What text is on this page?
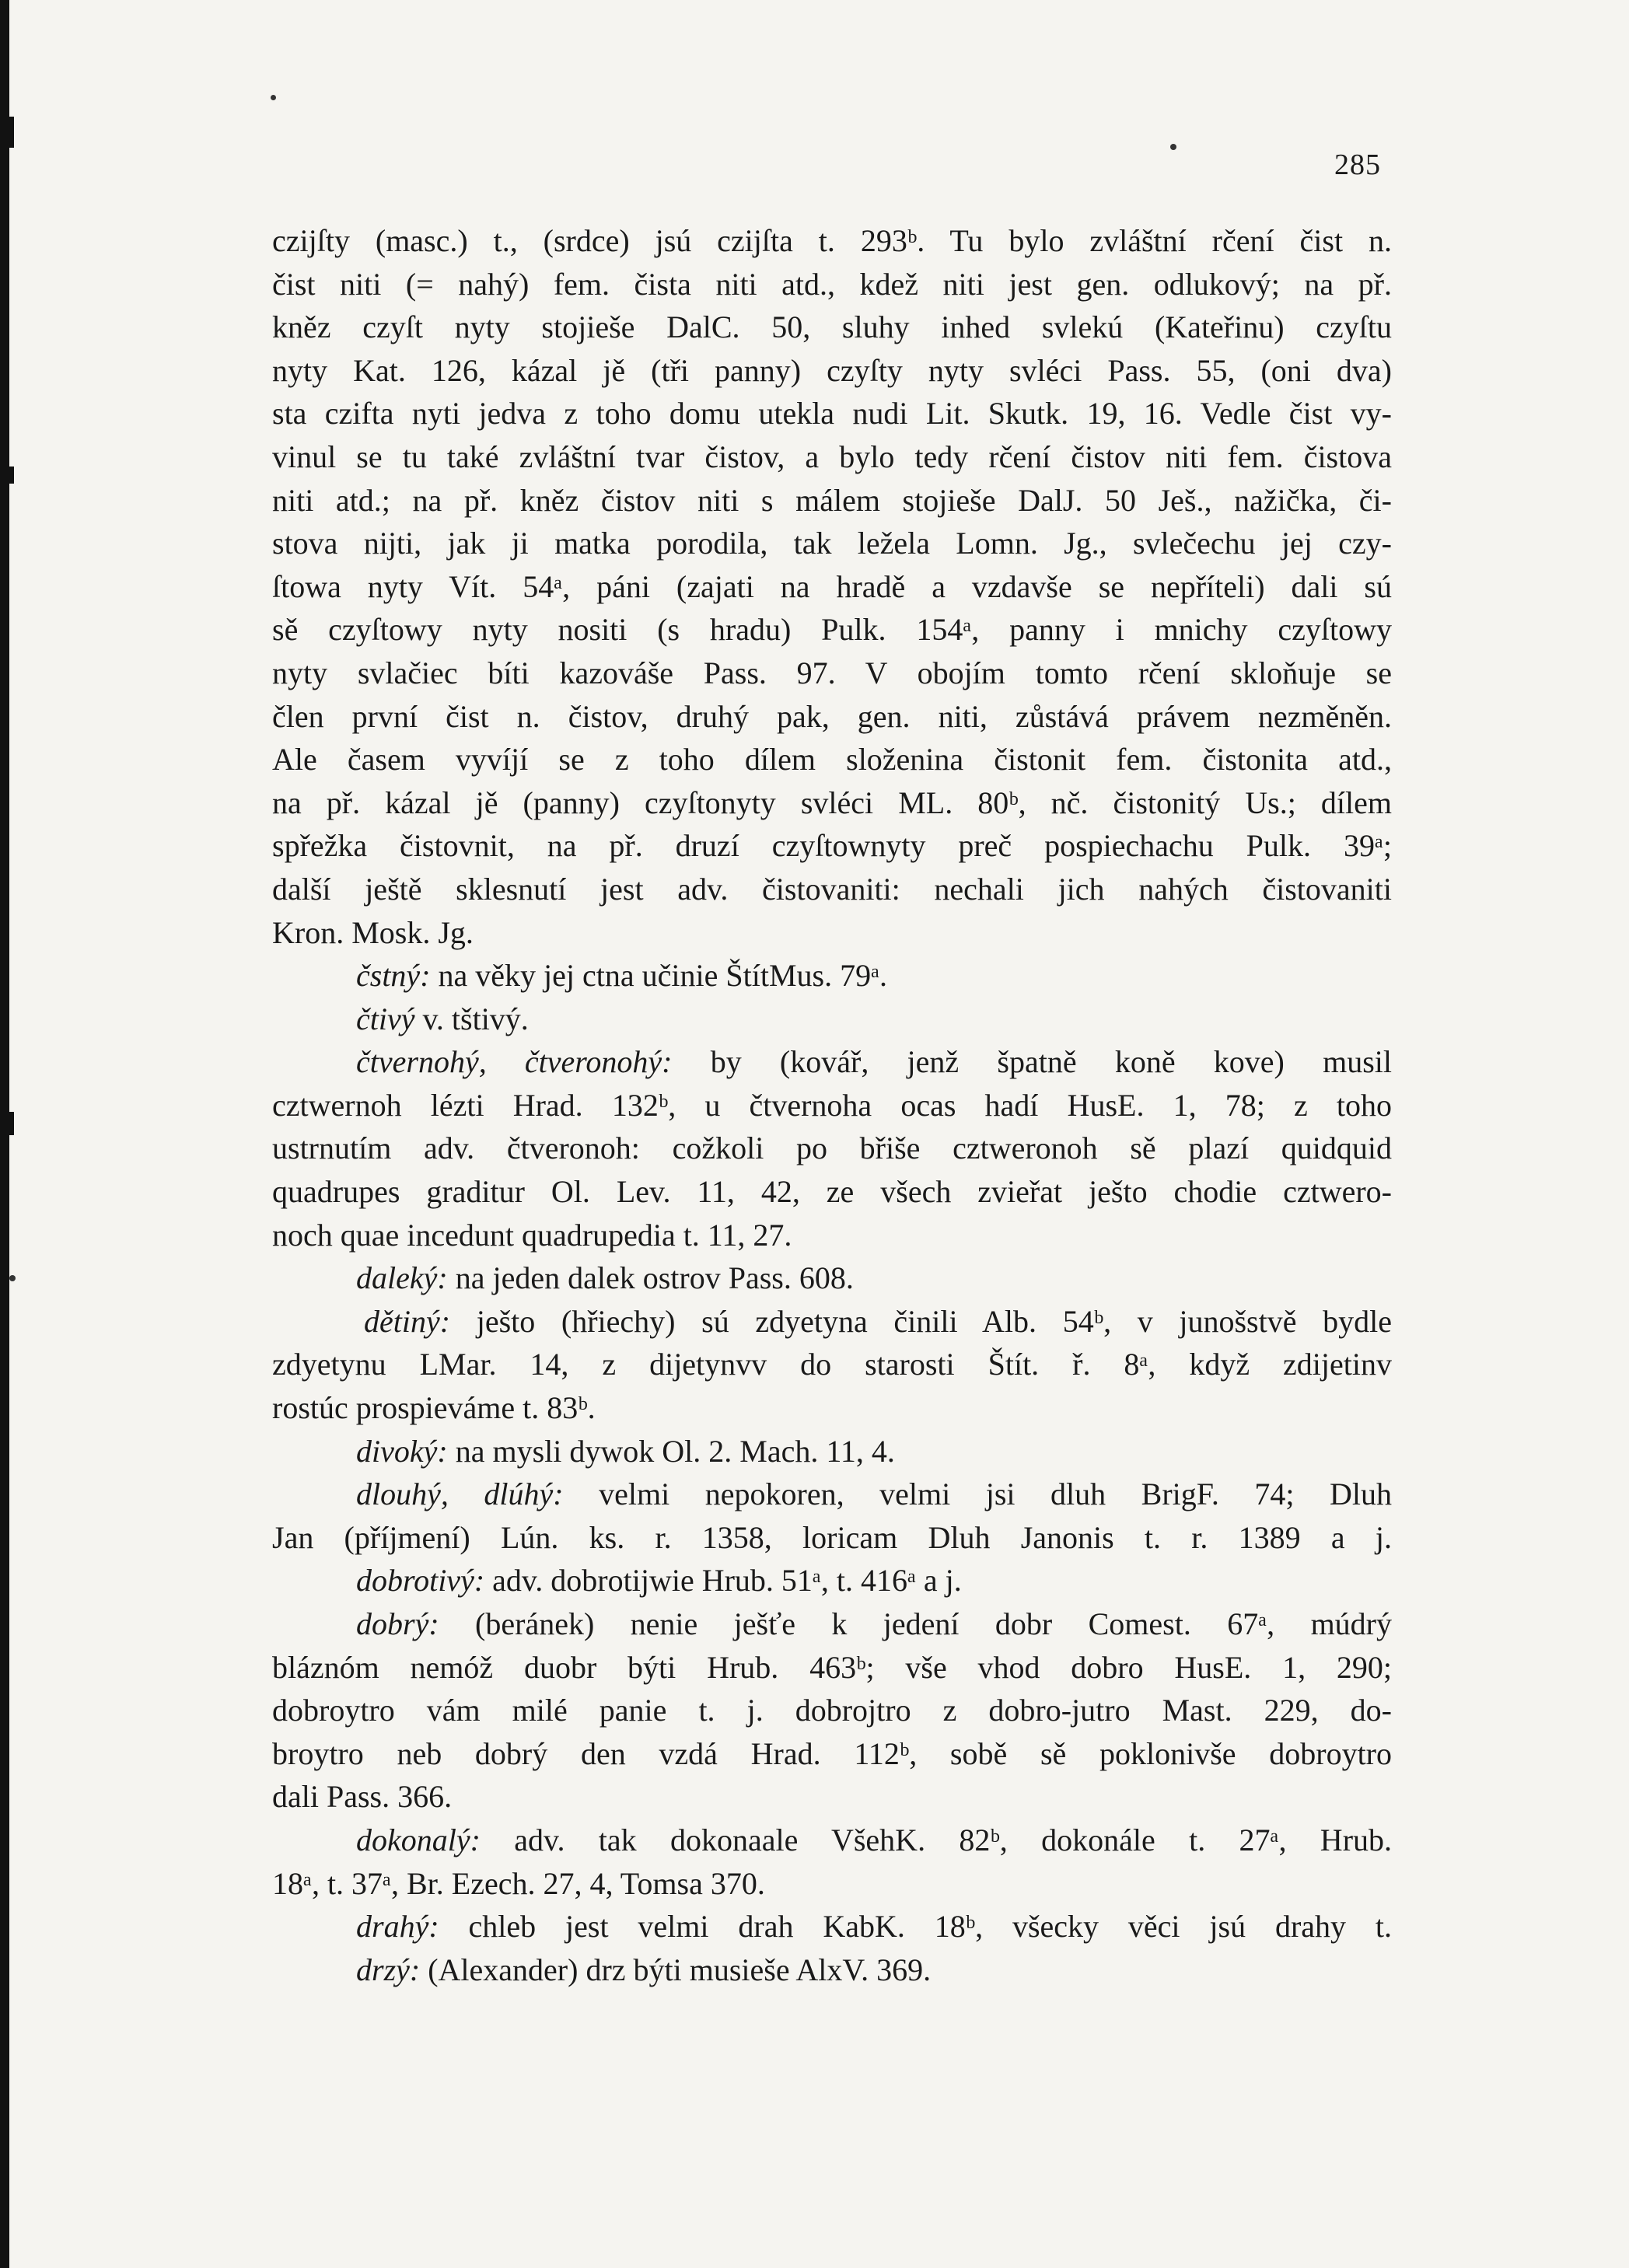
285
czijſty (masc.) t., (srdce) jsú czijſta t. 293ᵇ. Tu bylo zvláštní rčení čist n.
čist niti (= nahý) fem. čista niti atd., kdež niti jest gen. odlukový; na př.
kněz czyſt nyty stojieše DalC. 50, sluhy inhed svlekú (Kateřinu) czyſtu
nyty Kat. 126, kázal jě (tři panny) czyſty nyty svléci Pass. 55, (oni dva)
sta czifta nyti jedva z toho domu utekla nudi Lit. Skutk. 19, 16. Vedle čist vy-
vinul se tu také zvláštní tvar čistov, a bylo tedy rčení čistov niti fem. čistova
niti atd.; na př. kněz čistov niti s málem stojieše DalJ. 50 Ješ., nažička, či-
stova nijti, jak ji matka porodila, tak ležela Lomn. Jg., svlečechu jej czy-
ſtowa nyty Vít. 54ᵃ, páni (zajati na hradě a vzdavše se nepříteli) dali sú
sě czyſtowy nyty nositi (s hradu) Pulk. 154ᵃ, panny i mnichy czyſtowy
nyty svlačiec bíti kazováše Pass. 97. V obojím tomto rčení skloňuje se
člen první čist n. čistov, druhý pak, gen. niti, zůstává právem nezměněn.
Ale časem vyvíjí se z toho dílem složenina čistonit fem. čistonita atd.,
na př. kázal jě (panny) czyſtonyty svléci ML. 80ᵇ, nč. čistonitý Us.; dílem
spřežka čistovnit, na př. druzí czyſtownyty preč pospiechachu Pulk. 39ᵃ;
další ještě sklesnutí jest adv. čistovaniti: nechali jich nahých čistovaniti
Kron. Mosk. Jg.
čstný: na věky jej ctna učinie ŠtítMus. 79ᵃ.
čtivý v. tštivý.
čtvernohý, čtveronohý: by (kovář, jenž špatně koně kove) musil
cztwernoh lézti Hrad. 132ᵇ, u čtvernoha ocas hadí HusE. 1, 78; z toho
ustrnutím adv. čtveronoh: cožkoli po břiše cztweronoh sě plazí quidquid
quadrupes graditur Ol. Lev. 11, 42, ze všech zvieřat ješto chodie cztwero-
noch quae incedunt quadrupedia t. 11, 27.
daleký: na jeden dalek ostrov Pass. 608.
dětiný: ješto (hřiechy) sú zdyetyna činili Alb. 54ᵇ, v junošstvě bydle
zdyetynu LMar. 14, z dijetynvv do starosti Štít. ř. 8ᵃ, když zdijetinv
rostúc prospieváme t. 83ᵇ.
divoký: na mysli dywok Ol. 2. Mach. 11, 4.
dlouhý, dlúhý: velmi nepokoren, velmi jsi dluh BrigF. 74; Dluh
Jan (příjmení) Lún. ks. r. 1358, loricam Dluh Janonis t. r. 1389 a j.
dobrotivý: adv. dobrotijwie Hrub. 51ᵃ, t. 416ᵃ a j.
dobrý: (beránek) nenie ješťe k jedení dobr Comest. 67ᵃ, múdrý
bláznóm nemóž duobr býti Hrub. 463ᵇ; vše vhod dobro HusE. 1, 290;
dobroytro vám milé panie t. j. dobrojtro z dobro-jutro Mast. 229, do-
broytro neb dobrý den vzdá Hrad. 112ᵇ, sobě sě poklonivše dobroytro
dali Pass. 366.
dokonalý: adv. tak dokonaale VšehK. 82ᵇ, dokonále t. 27ᵃ, Hrub.
18ᵃ, t. 37ᵃ, Br. Ezech. 27, 4, Tomsa 370.
drahý: chleb jest velmi drah KabK. 18ᵇ, všecky věci jsú drahy t.
drzý: (Alexander) drz býti musieše AlxV. 369.
